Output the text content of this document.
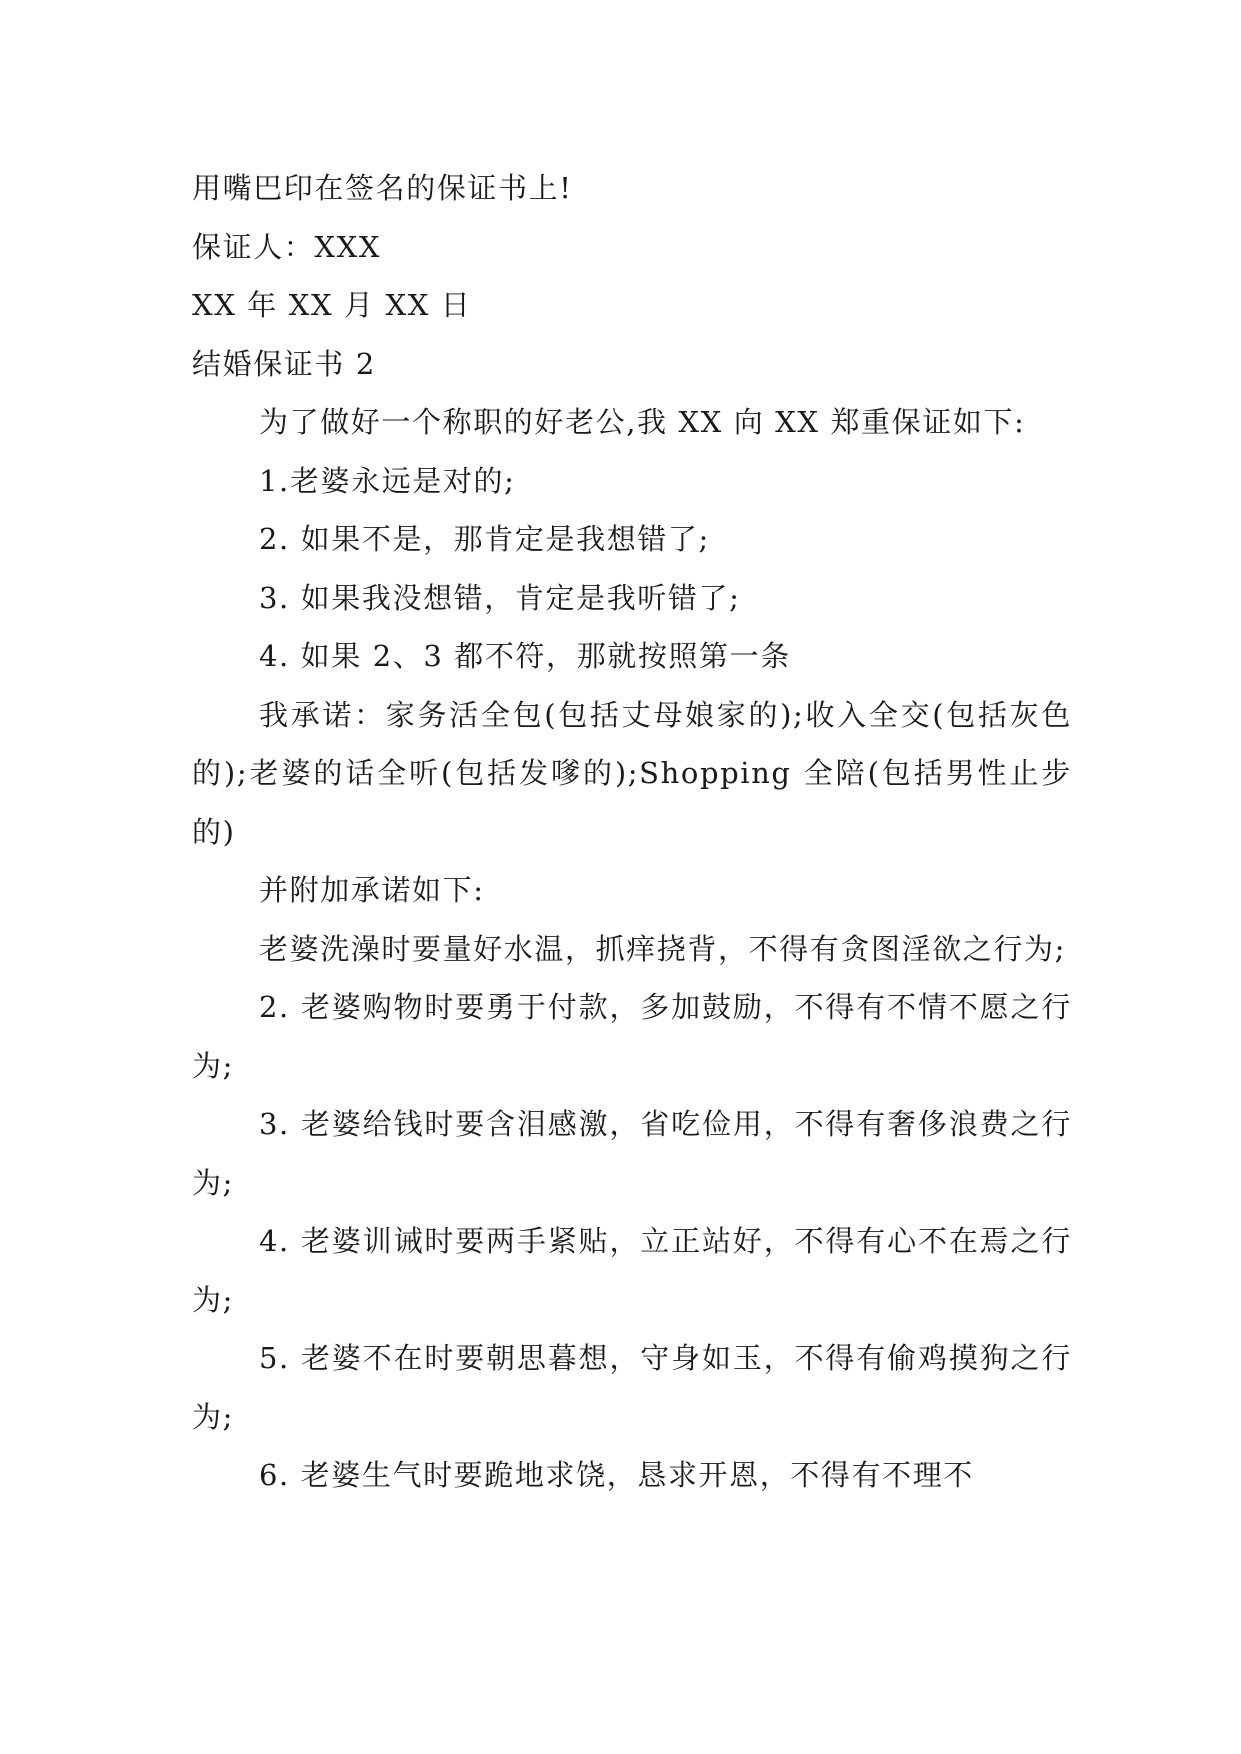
用嘴巴印在签名的保证书上!

保证人：XXX

XX 年 XX 月 XX 日

结婚保证书 2

为了做好一个称职的好老公,我 XX 向 XX 郑重保证如下:

1.老婆永远是对的;

2. 如果不是，那肯定是我想错了;

3. 如果我没想错，肯定是我听错了;

4. 如果 2、3 都不符，那就按照第一条

我承诺：家务活全包(包括丈母娘家的);收入全交(包括灰色的);老婆的话全听(包括发嗲的);Shopping 全陪(包括男性止步的)

并附加承诺如下:

老婆洗澡时要量好水温，抓痒挠背，不得有贪图淫欲之行为;

2. 老婆购物时要勇于付款，多加鼓励，不得有不情不愿之行为;

3. 老婆给钱时要含泪感激，省吃俭用，不得有奢侈浪费之行为;

4. 老婆训诫时要两手紧贴，立正站好，不得有心不在焉之行为;

5. 老婆不在时要朝思暮想，守身如玉，不得有偷鸡摸狗之行为;

6. 老婆生气时要跪地求饶，恳求开恩，不得有不理不
